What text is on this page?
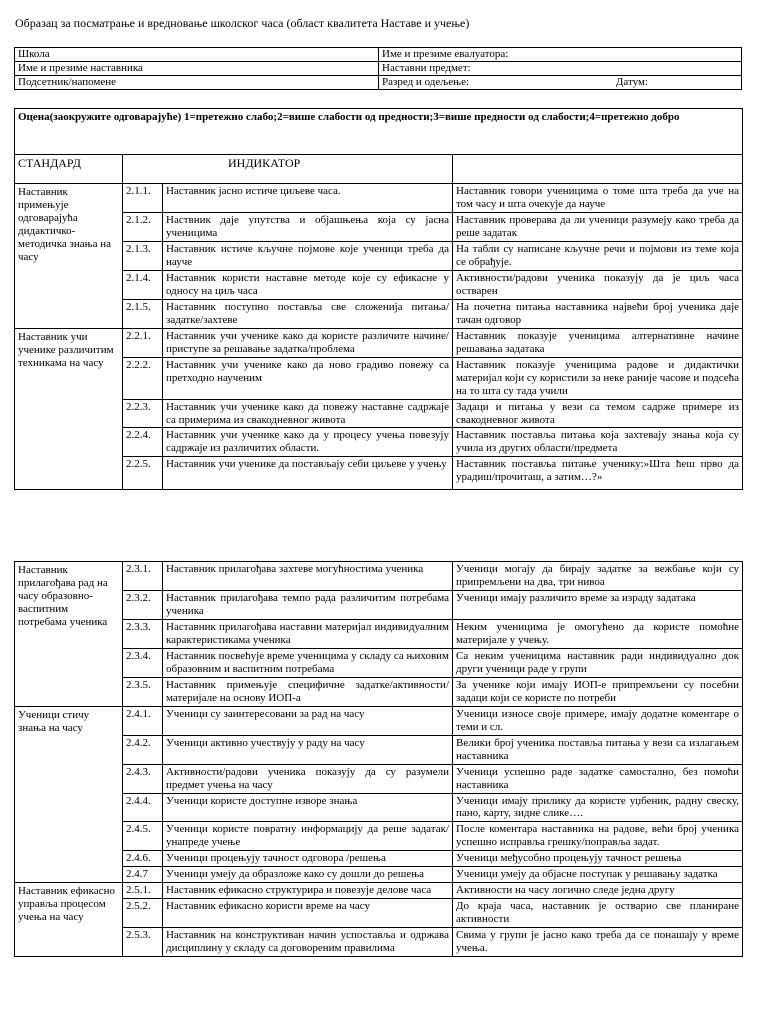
Образац за посматрање и вредновање школског часа (област квалитета Наставе и учење)
Школа	Име и презиме евалуатора:
Име и презиме наставника	Наставни предмет:
Подсетник/напомене	Разред и одељење: Датум:
Оцена(заокружите одговарајуће) 1=претежно слабо;2=више слабости од предности;3=више предности од слабости;4=претежно добро			
СТАНДАРД	ИНДИКАТОР		
Наставник примењује одговарајућа дидактичко-методичка знања на часу	2.1.1.	Наставник јасно истиче циљеве часа.	Наставник говори ученицима о томе шта треба да уче на том часу и шта очекује да науче
	2.1.2.	Наствник даје упутства и објашњења која су јасна ученицима	Наставник проверава да ли ученици разумеју како треба да реше задатак
	2.1.3.	Наставник истиче кључне појмове које ученици треба да науче	На табли су написане кључне речи и појмови из теме која се обрађује.
	2.1.4.	Наставник користи наставне методе које су ефикасне у односу на циљ часа	Активности/радови ученика показују да је циљ часа остварен
	2.1.5.	Наставник поступно поставља све сложенија питања/задатке/захтеве	На почетна питања наставника највећи број ученика даје тачан одговор
Наставник учи ученике различитим техникама на часу	2.2.1.	Наставник учи ученике како да користе различите начине/приступе за решавање задатка/проблема	Наставник показује ученицима алтернативне начине решавања задатака
	2.2.2.	Наставник учи ученике како да ново градиво повежу са претходно наученим	Наставник показује ученицима радове и дидактички материјал који су користили за неке раније часове и подсећа на то шта су тада учили
	2.2.3.	Наставник учи ученике како да повежу наставне садржаје са примерима из свакодневног живота	Задаци и питања у вези са темом садрже примере из свакодневног живота
	2.2.4.	Наставник учи ученике како да у процесу учења повезују садржаје из различитих области.	Наставник поставља питања која захтевају знања која су учила из других области/предмета
	2.2.5.	Наставник учи ученике да постављају себи циљеве у учењу	Наставник поставља питање ученику:»Шта ћеш прво да урадиш/прочиташ, а затим…?»
Наставник прилагођава рад на часу образовно-васпитним потребама ученика	2.3.1.	Наставник прилагођава захтеве могућностима ученика	Ученици могају да бирају задатке за вежбање који су припремљени на два, три нивоа
	2.3.2.	Наставник прилагођава темпо рада различитим потребама ученика	Ученици имају различито време за израду задатака
	2.3.3.	Наставник прилагођава наставни материјал индивидуалним карактеристикама ученика	Неким ученицима је омогућено да користе помоћне материјале у учењу.
	2.3.4.	Наставник посвећује време ученицима у складу са њиховим образовним и васпитним потребама	Са неким ученицима наставник ради индивидуално док други ученици раде у групи
	2.3.5.	Наставник примењује специфичне задатке/активности/материјале на основу ИОП-а	За ученике који имају ИОП-е припремљени су посебни задаци који се користе по потреби
Ученици стичу знања на часу	2.4.1.	Ученици су заинтересовани за рад на часу	Ученици износе своје примере, имају додатне коментаре о теми и сл.
	2.4.2.	Ученици активно учествују у раду на часу	Велики број ученика поставља питања у вези са излагањем наставника
	2.4.3.	Активности/радови ученика показују да су разумели предмет учења на часу	Ученици успешно раде задатке самостално, без помоћи наставника
	2.4.4.	Ученици користе доступне изворе знања	Ученици имају прилику да користе уџбеник, радну свеску, пано, карту, зидне слике….
	2.4.5.	Ученици користе повратну информацију да реше задатак/унапреде учење	После коментара наставника на радове, већи број ученика успешно исправља грешку/поправља задат.
	2.4.6.	Ученици процењују тачност одговора /решења	Ученици међусобно процењују тачност решења
	2.4.7	Ученици умеју да образложе како су дошли до решења	Ученици умеју да објасне поступак у решавању задатка
Наставник ефикасно управља процесом учења на часу	2.5.1.	Наставник ефикасно структурира и повезује делове часа	Активности на часу логично следе једна другу
	2.5.2.	Наставник ефикасно користи време на часу	До краја часа, наставник је остварио све планиране активности
	2.5.3.	Наставник на конструктиван начин успоставља и одржава дисциплину у складу са договореним правилима	Свима у групи је јасно како треба да се понашају у време учења.
